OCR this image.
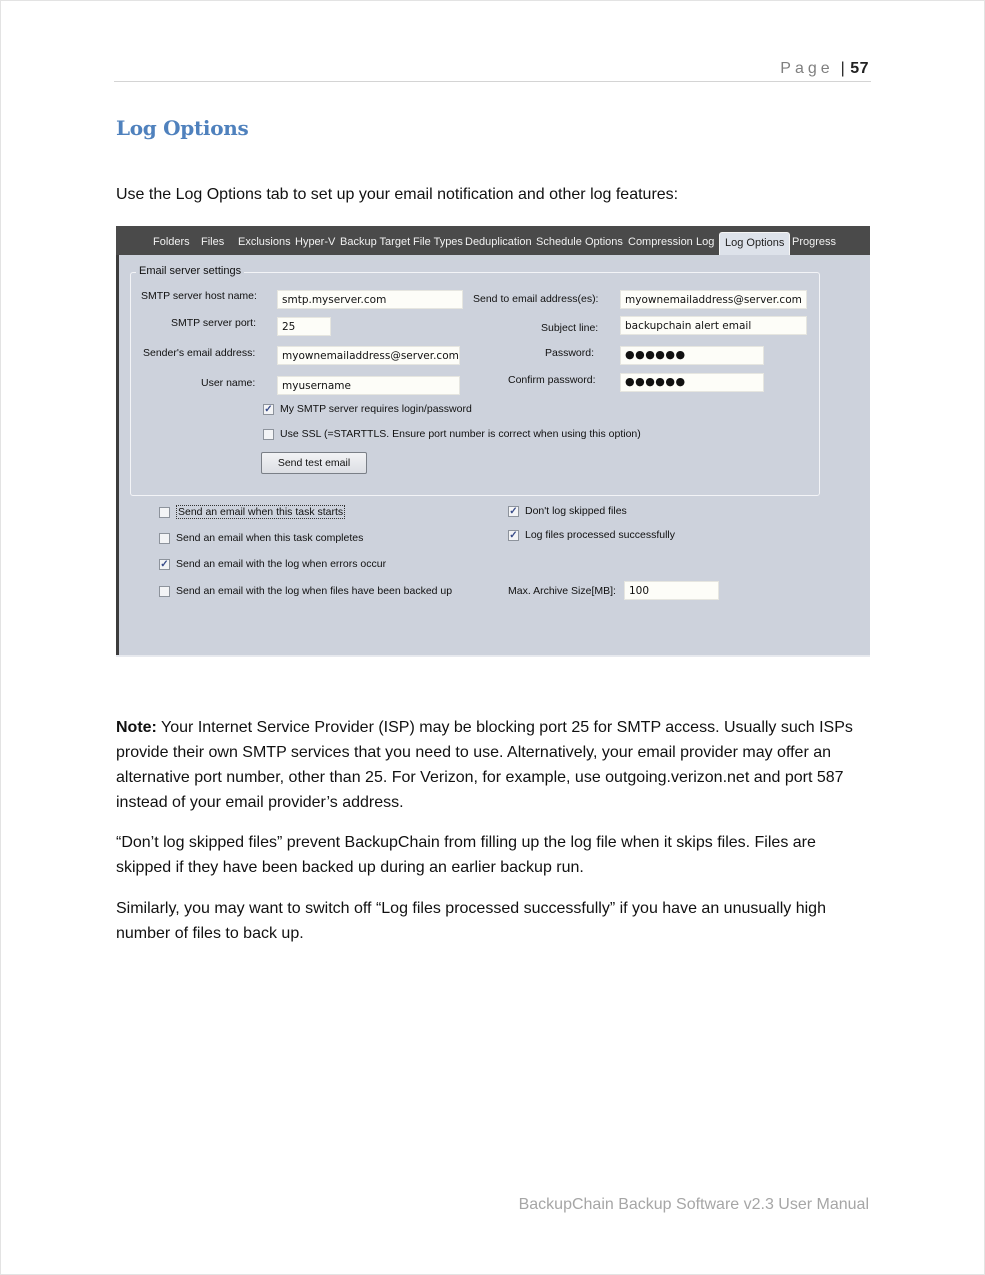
Page | 57
Log Options

Use the Log Options tab to set up your email notification and other log features:

Folders Files Exclusions Hyper-V Backup Target File Types Deduplication Schedule Options Compression Log Log Options Progress
Email server settings
SMTP server host name:	smtp.myserver.com
SMTP server port:	25
Sender's email address:	myownemailaddress@server.com
User name:	myusername
Send to email address(es):	myownemailaddress@server.com
Subject line:	backupchain alert email
Password:	●●●●●●
Confirm password:	●●●●●●
✓ My SMTP server requires login/password
Use SSL (=STARTTLS. Ensure port number is correct when using this option)
Send test email
Send an email when this task starts
Send an email when this task completes
✓ Send an email with the log when errors occur
Send an email with the log when files have been backed up
✓ Don't log skipped files
✓ Log files processed successfully
Max. Archive Size[MB]:	100

Note: Your Internet Service Provider (ISP) may be blocking port 25 for SMTP access. Usually such ISPs provide their own SMTP services that you need to use. Alternatively, your email provider may offer an alternative port number, other than 25. For Verizon, for example, use outgoing.verizon.net and port 587 instead of your email provider’s address.

“Don’t log skipped files” prevent BackupChain from filling up the log file when it skips files. Files are skipped if they have been backed up during an earlier backup run.

Similarly, you may want to switch off “Log files processed successfully” if you have an unusually high number of files to back up.

BackupChain Backup Software v2.3 User Manual
